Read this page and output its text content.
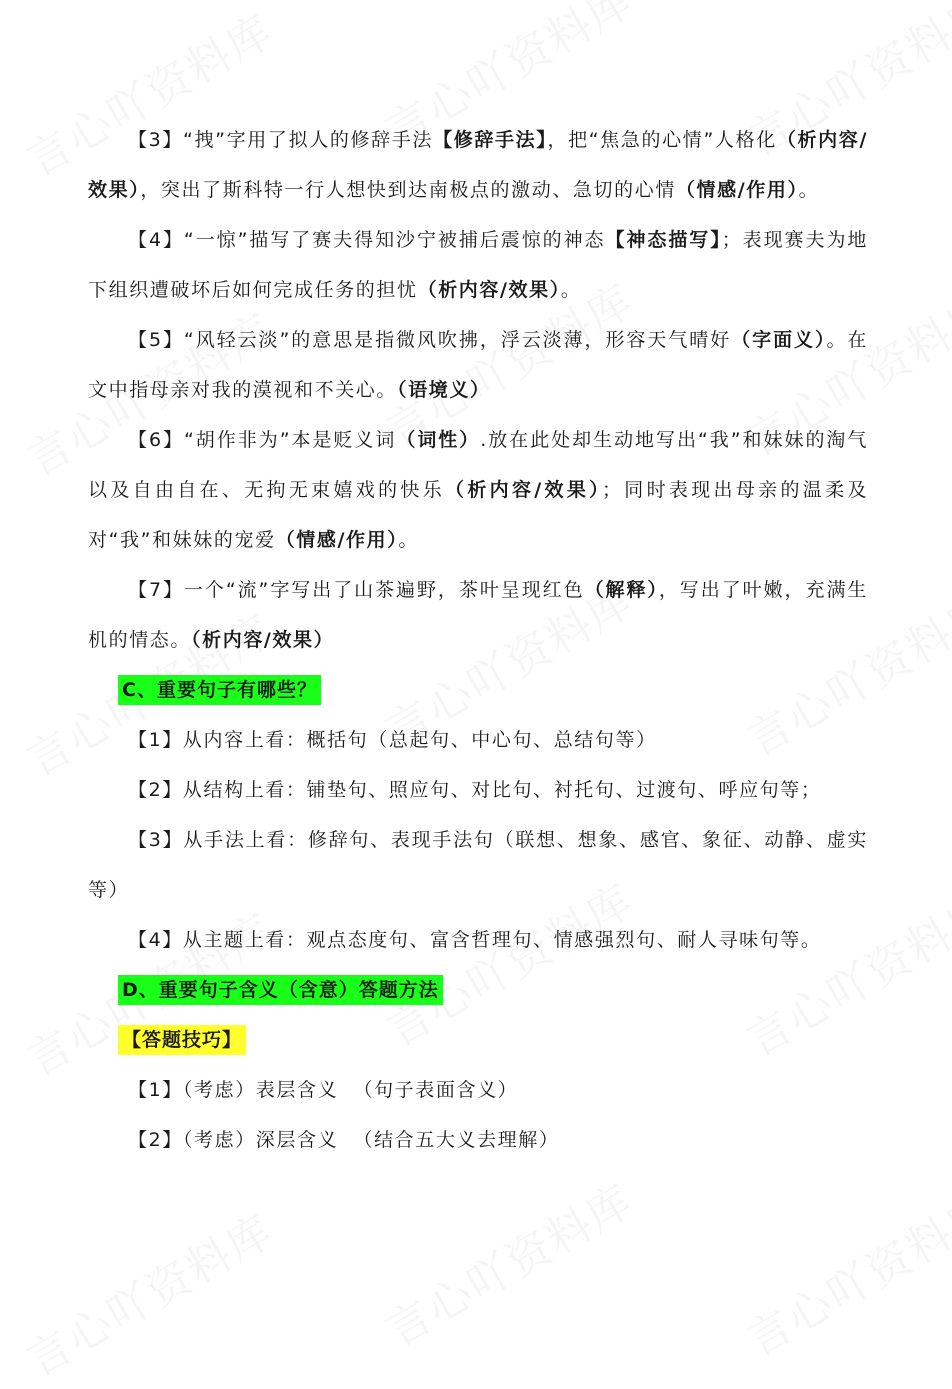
【3】“拽”字用了拟人的修辞手法【修辞手法】，把“焦急的心情”人格化（析内容/效果），突出了斯科特一行人想快到达南极点的激动、急切的心情（情感/作用）。
【4】“一惊”描写了赛夫得知沙宁被捕后震惊的神态【神态描写】；表现赛夫为地下组织遭破坏后如何完成任务的担忧（析内容/效果）。
【5】“风轻云淡”的意思是指微风吹拂，浮云淡薄，形容天气晴好（字面义）。在文中指母亲对我的漠视和不关心。（语境义）
【6】“胡作非为”本是贬义词（词性）.放在此处却生动地写出“我”和妹妹的淘气以及自由自在、无拘无束嬉戏的快乐（析内容/效果）；同时表现出母亲的温柔及对“我”和妹妹的宠爱（情感/作用）。
【7】一个“流”字写出了山茶遍野，茶叶呈现红色（解释），写出了叶嫩，充满生机的情态。（析内容/效果）
C、重要句子有哪些？
【1】从内容上看：概括句（总起句、中心句、总结句等）
【2】从结构上看：铺垫句、照应句、对比句、衬托句、过渡句、呼应句等；
【3】从手法上看：修辞句、表现手法句（联想、想象、感官、象征、动静、虚实等）
【4】从主题上看：观点态度句、富含哲理句、情感强烈句、耐人寻味句等。
D、重要句子含义（含意）答题方法
【答题技巧】
【1】（考虑）表层含义  （句子表面含义）
【2】（考虑）深层含义  （结合五大义去理解）
